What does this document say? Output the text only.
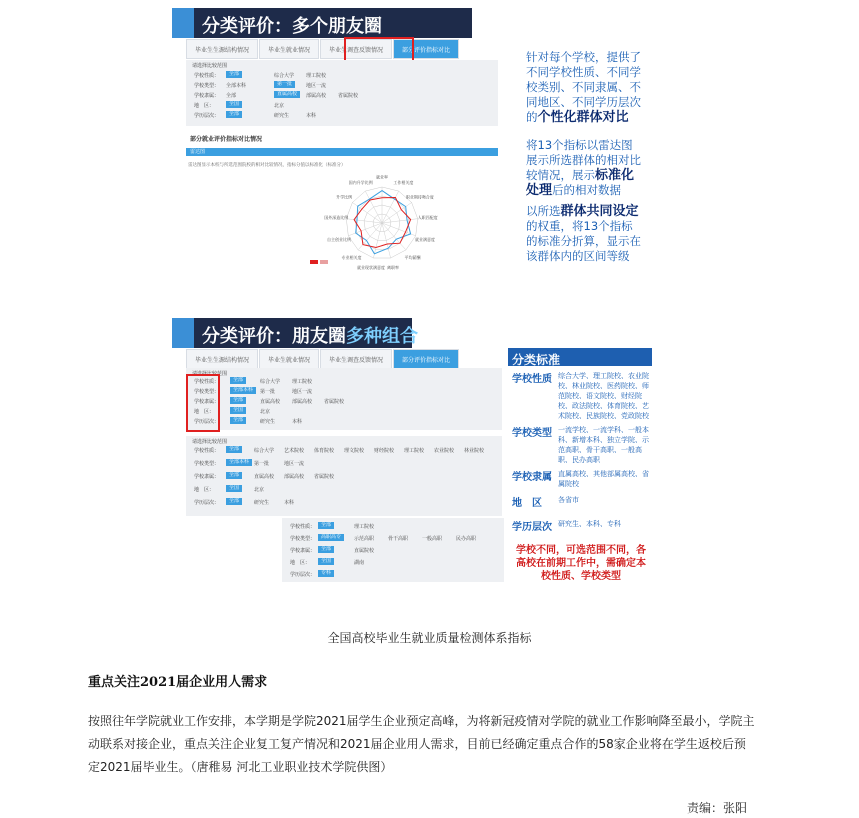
分类评价：多个朋友圈
毕业生生源结构情况	毕业生就业情况	毕业生调查反馈情况	部分评价指标对比
请选择比较范围
学校性质：	全部	综合大学 理工院校
学校类型： 全部本科	第一批	地区一流
学校隶属： 全部	直属高校	部属高校 省属院校
地　区：	全国	北京
学历层次：	全部	研究生	本科
部分就业评价指标对比情况
雷达图
雷达图显示本校与所选范围院校的相对比较情况，指标分值以标准化（标准分）
就业率
工作相关度
职业期待吻合度
人职匹配度
就业满意度
平均薪酬
离职率
就业现状满意度
专业相关度
自主创业比例
国外深造比例
升学比例
国内升学比例
针对每个学校，提供了不同学校性质、不同学校类别、不同隶属、不同地区、不同学历层次的个性化群体对比
将13个指标以雷达图展示所选群体的相对比较情况，展示标准化处理后的相对数据
以所选群体共同设定的权重，将13个指标的标准分折算，显示在该群体内的区间等级
分类评价：朋友圈多种组合
毕业生生源结构情况	毕业生就业情况	毕业生调查反馈情况	部分评价指标对比
请选择比较范围
学校性质：	全部	综合大学 理工院校
学校类型：	全部本科	第一批	地区一流
学校隶属：	全部	直属高校 部属高校 省属院校
地　区：	全国	北京
学历层次：	全部	研究生	本科
请选择比较范围
学校性质：	全部	综合大学 艺术院校 体育院校 理文院校 财经院校 理工院校 农业院校 林业院校
学校类型：	全部本科 第一批	地区一流
学校隶属：	全部	直属高校 部属高校 省属院校
地　区：	全国	北京
学历层次：	全部	研究生	本科
学校性质：	全部	理工院校
学校类型：	高职高专	示范高职	骨干高职	一般高职	民办高职
学校隶属：	全部	直属院校
地　区：	全国	湖南
学历层次：	专科
分类标准
学校性质 综合大学、理工院校、农业院校、林业院校、医药院校、师范院校、语文院校、财经院校、政法院校、体育院校、艺术院校、民族院校、党政院校
学校类型 一流学校、一流学科、一般本科、新增本科、独立学院、示范高职、骨干高职、一般高职、民办高职
学校隶属 直属高校、其他部属高校、省属院校
地　区 各省市
学历层次 研究生、本科、专科
学校不同，可选范围不同，各高校在前期工作中，需确定本校性质、学校类型
全国高校毕业生就业质量检测体系指标
重点关注2021届企业用人需求
按照往年学院就业工作安排，本学期是学院2021届学生企业预定高峰，为将新冠疫情对学院的就业工作影响降至最小，学院主动联系对接企业，重点关注企业复工复产情况和2021届企业用人需求，目前已经确定重点合作的58家企业将在学生返校后预定2021届毕业生。（唐稚易 河北工业职业技术学院供图）
责编：张阳
